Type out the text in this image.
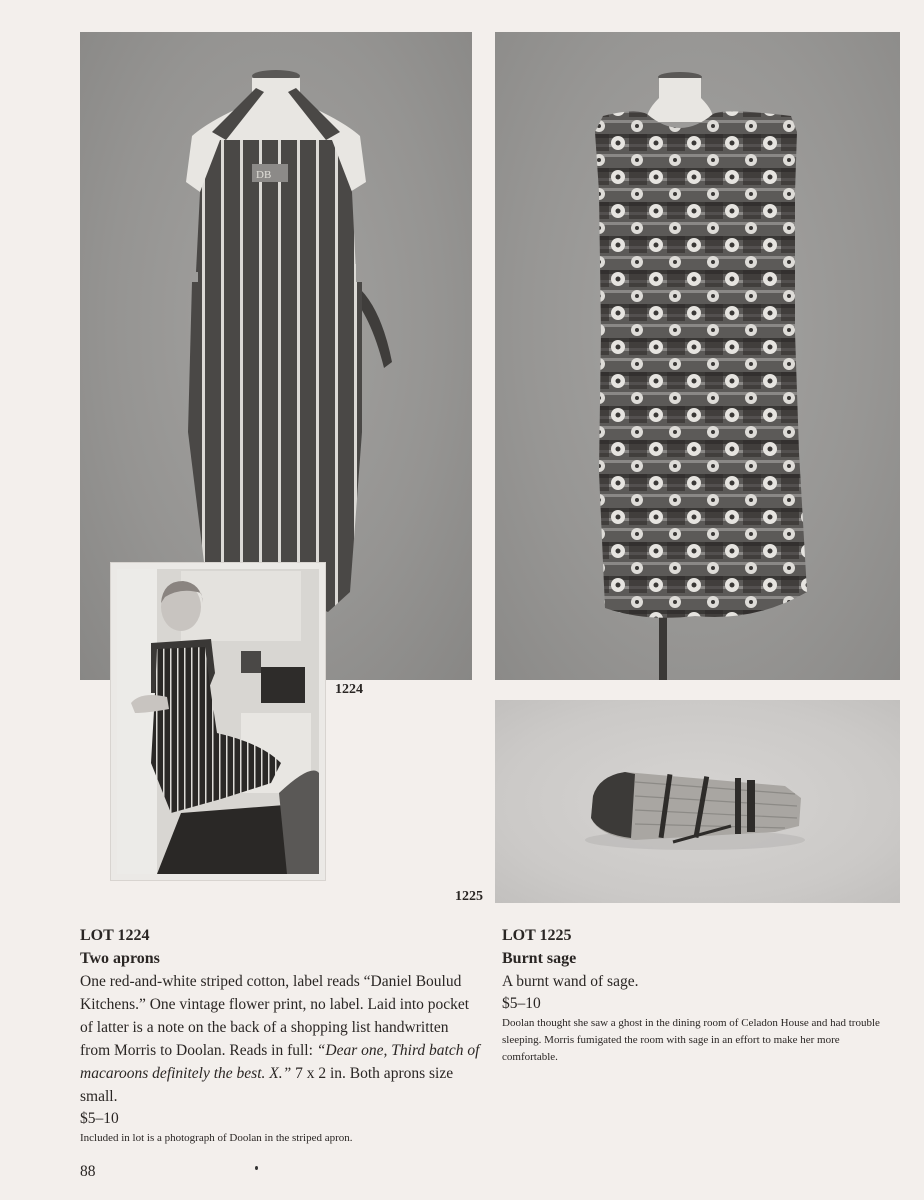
DB
1224
1225
LOT 1224
Two aprons
One red-and-white striped cotton, label reads “Daniel Boulud Kitchens.” One vintage flower print, no label. Laid into pocket of latter is a note on the back of a shopping list handwritten from Morris to Doolan. Reads in full: “Dear one, Third batch of macaroons definitely the best. X.” 7 x 2 in. Both aprons size small.
$5–10
Included in lot is a photograph of Doolan in the striped apron.
LOT 1225
Burnt sage
A burnt wand of sage.
$5–10
Doolan thought she saw a ghost in the dining room of Celadon House and had trouble sleeping. Morris fumigated the room with sage in an effort to make her more comfortable.
88
